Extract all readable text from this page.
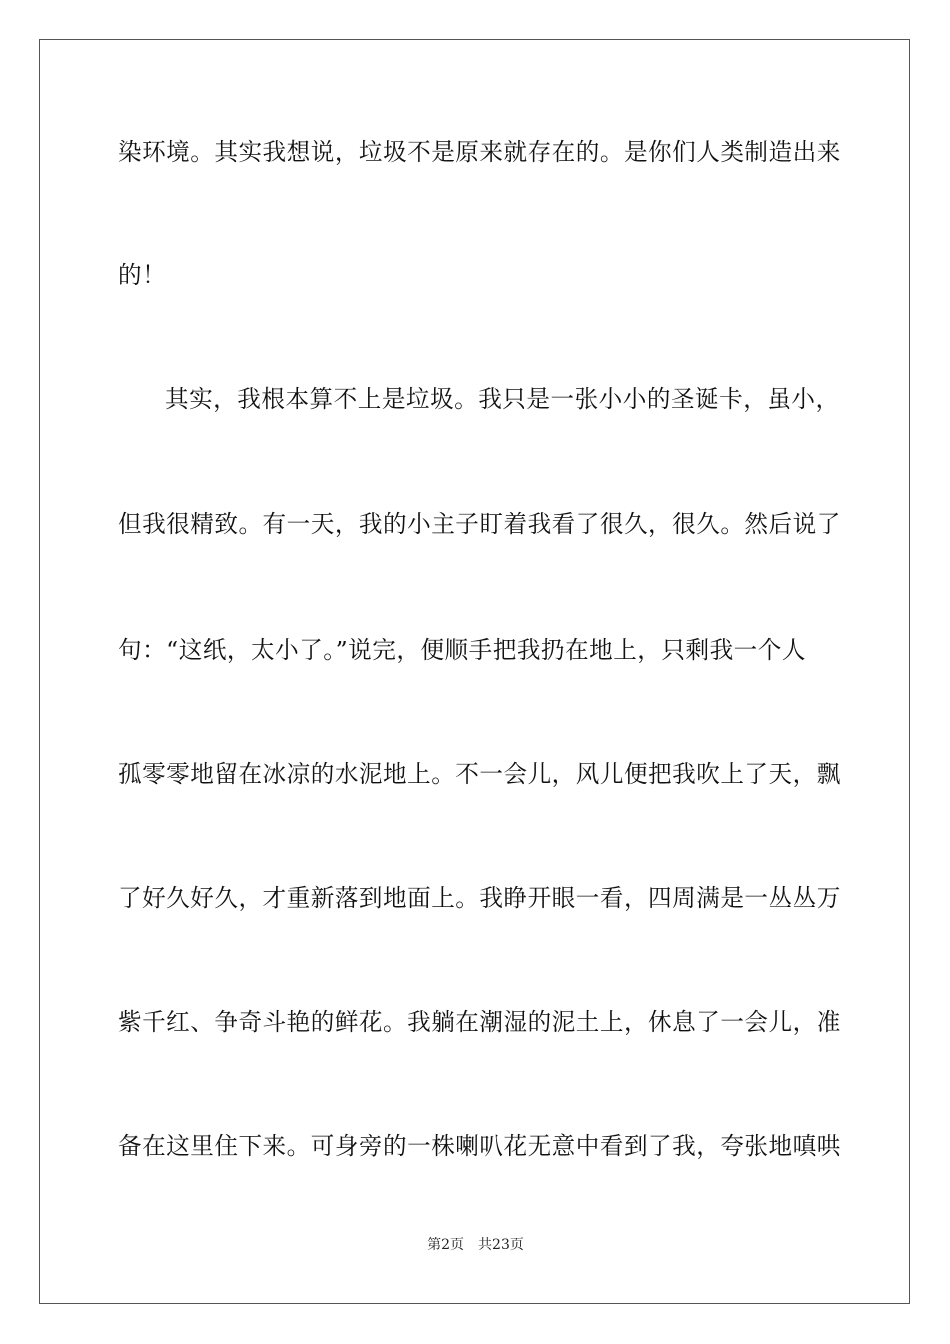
染环境。其实我想说，垃圾不是原来就存在的。是你们人类制造出来
的！
其实，我根本算不上是垃圾。我只是一张小小的圣诞卡，虽小，
但我很精致。有一天，我的小主子盯着我看了很久，很久。然后说了
句：“这纸，太小了。”说完，便顺手把我扔在地上，只剩我一个人
孤零零地留在冰凉的水泥地上。不一会儿，风儿便把我吹上了天，飘
了好久好久，才重新落到地面上。我睁开眼一看，四周满是一丛丛万
紫千红、争奇斗艳的鲜花。我躺在潮湿的泥土上，休息了一会儿，准
备在这里住下来。可身旁的一株喇叭花无意中看到了我，夸张地嗔哄
第2页 共23页
